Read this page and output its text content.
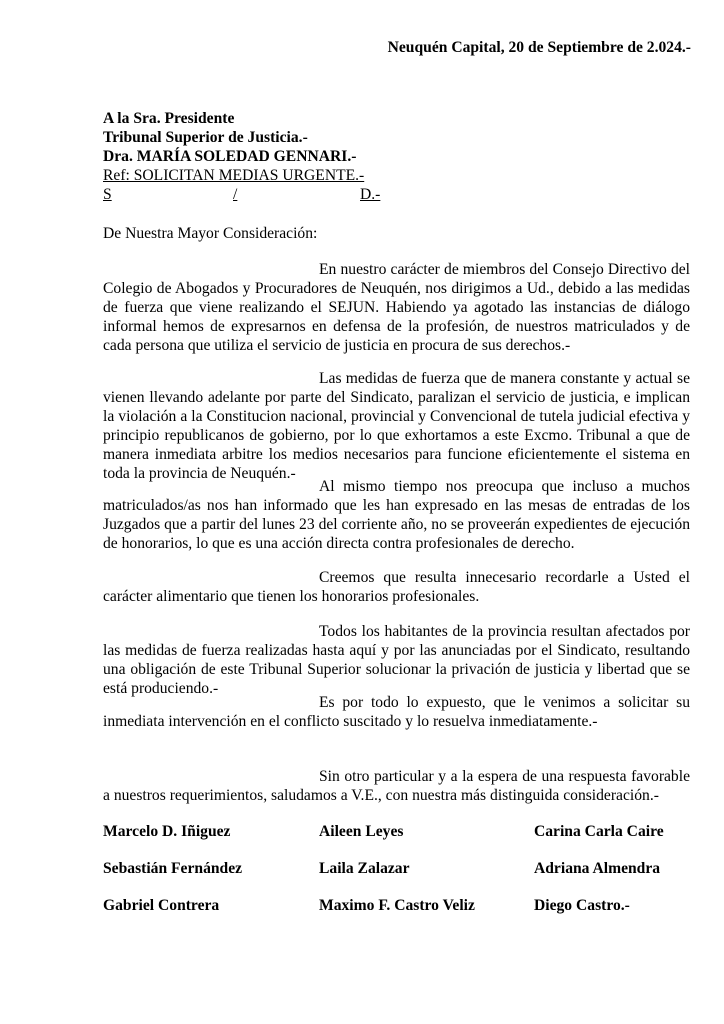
Neuquén Capital, 20 de Septiembre de 2.024.-
A la Sra. Presidente
Tribunal Superior de Justicia.-
Dra. MARÍA SOLEDAD GENNARI.-
Ref: SOLICITAN MEDIAS URGENTE.-
S	/	D.-
De Nuestra Mayor Consideración:
En nuestro carácter de miembros del Consejo Directivo del Colegio de Abogados y Procuradores de Neuquén, nos dirigimos a Ud., debido a las medidas de fuerza que viene realizando el SEJUN. Habiendo ya agotado las instancias de diálogo informal hemos de expresarnos en defensa de la profesión, de nuestros matriculados y de cada persona que utiliza el servicio de justicia en procura de sus derechos.-
Las medidas de fuerza que de manera constante y actual se vienen llevando adelante por parte del Sindicato, paralizan el servicio de justicia, e implican la violación a la Constitucion nacional, provincial y Convencional de tutela judicial efectiva y principio republicanos de gobierno, por lo que exhortamos a este Excmo. Tribunal a que de manera inmediata arbitre los medios necesarios para funcione eficientemente el sistema en toda la provincia de Neuquén.-
Al mismo tiempo nos preocupa que incluso a muchos matriculados/as nos han informado que les han expresado en las mesas de entradas de los Juzgados que a partir del lunes 23 del corriente año, no se proveerán expedientes de ejecución de honorarios, lo que es una acción directa contra profesionales de derecho.
Creemos que resulta innecesario recordarle a Usted el carácter alimentario que tienen los honorarios profesionales.
Todos los habitantes de la provincia resultan afectados por las medidas de fuerza realizadas hasta aquí y por las anunciadas por el Sindicato, resultando una obligación de este Tribunal Superior solucionar la privación de justicia y libertad que se está produciendo.-
Es por todo lo expuesto, que le venimos a solicitar su inmediata intervención en el conflicto suscitado y lo resuelva inmediatamente.-
Sin otro particular y a la espera de una respuesta favorable a nuestros requerimientos, saludamos a V.E., con nuestra más distinguida consideración.-
Marcelo D. Iñiguez	Aileen Leyes	Carina Carla Caire
Sebastián Fernández	Laila Zalazar	Adriana Almendra
Gabriel Contrera	Maximo F. Castro Veliz	Diego Castro.-
